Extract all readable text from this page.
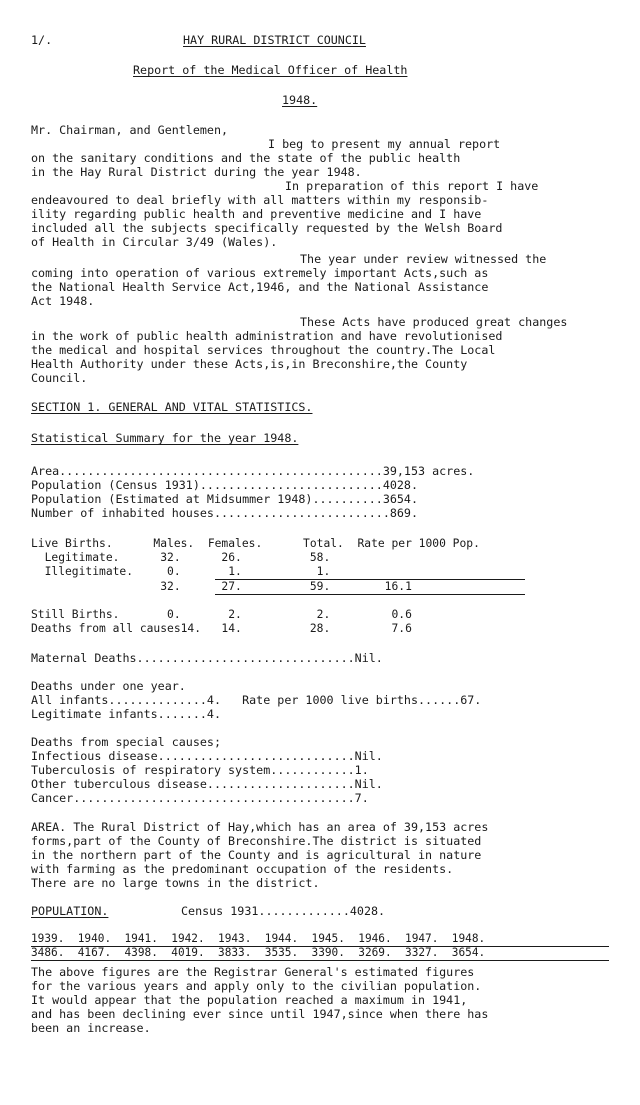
1/.	HAY RURAL DISTRICT COUNCIL
Report of the Medical Officer of Health
1948.
Mr. Chairman, and Gentlemen,
I beg to present my annual report
on the sanitary conditions and the state of the public health
in the Hay Rural District during the year 1948.
In preparation of this report I have
endeavoured to deal briefly with all matters within my responsib-
ility regarding public health and preventive medicine and I have
included all the subjects specifically requested by the Welsh Board
of Health in Circular 3/49 (Wales).
The year under review witnessed the
coming into operation of various extremely important Acts,such as
the National Health Service Act,1946, and the National Assistance
Act 1948.
These Acts have produced great changes
in the work of public health administration and have revolutionised
the medical and hospital services throughout the country.The Local
Health Authority under these Acts,is,in Breconshire,the County
Council.
SECTION 1. GENERAL AND VITAL STATISTICS.
Statistical Summary for the year 1948.
Area..............................................39,153 acres.
Population (Census 1931)..........................4028.
Population (Estimated at Midsummer 1948)..........3654.
Number of inhabited houses.........................869.
Live Births.      Males.  Females.      Total.  Rate per 1000 Pop.
Legitimate.      32.      26.          58.
Illegitimate.     0.       1.           1.
32.      27.          59.        16.1
Still Births.       0.       2.           2.         0.6
Deaths from all causes14.   14.          28.         7.6
Maternal Deaths...............................Nil.
Deaths under one year.
All infants..............4.   Rate per 1000 live births......67.
Legitimate infants.......4.
Deaths from special causes;
Infectious disease............................Nil.
Tuberculosis of respiratory system............1.
Other tuberculous disease.....................Nil.
Cancer........................................7.
AREA. The Rural District of Hay,which has an area of 39,153 acres
forms,part of the County of Breconshire.The district is situated
in the northern part of the County and is agricultural in nature
with farming as the predominant occupation of the residents.
There are no large towns in the district.
POPULATION.	Census 1931.............4028.
1939.  1940.  1941.  1942.  1943.  1944.  1945.  1946.  1947.  1948.
3486.  4167.  4398.  4019.  3833.  3535.  3390.  3269.  3327.  3654.
The above figures are the Registrar General's estimated figures
for the various years and apply only to the civilian population.
It would appear that the population reached a maximum in 1941,
and has been declining ever since until 1947,since when there has
been an increase.
